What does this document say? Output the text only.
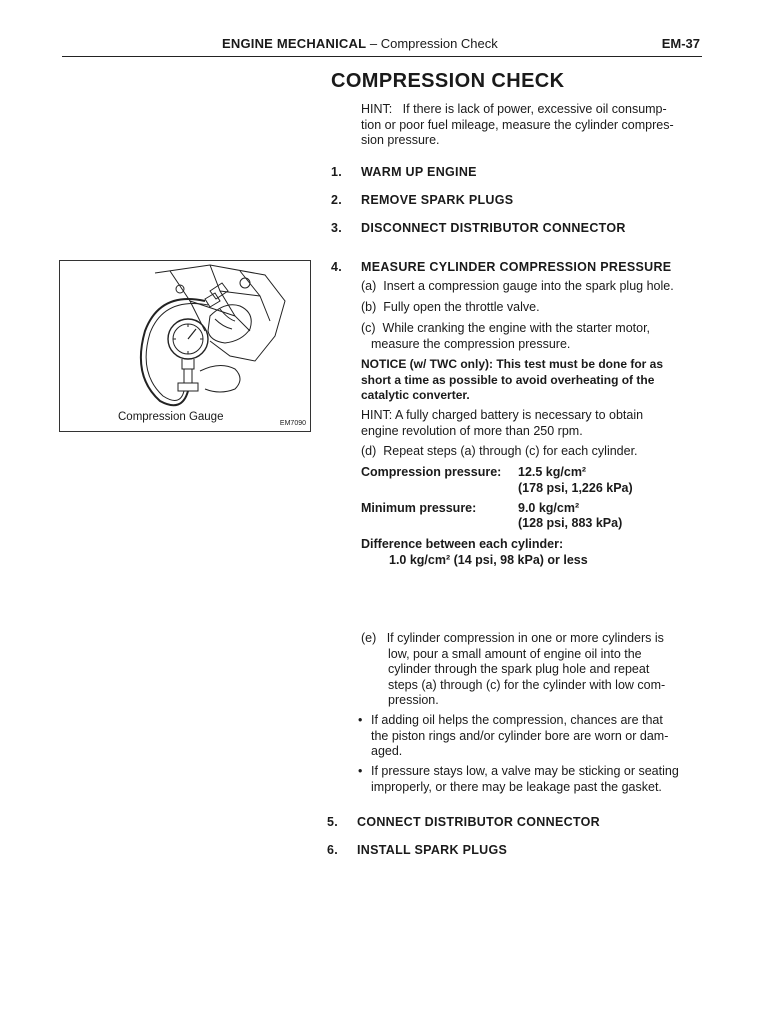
ENGINE MECHANICAL – Compression Check	EM-37
COMPRESSION CHECK
HINT: If there is lack of power, excessive oil consump-
tion or poor fuel mileage, measure the cylinder compres-
sion pressure.
1. WARM UP ENGINE
2. REMOVE SPARK PLUGS
3. DISCONNECT DISTRIBUTOR CONNECTOR
4. MEASURE CYLINDER COMPRESSION PRESSURE
Compression Gauge
EM7090
(a) Insert a compression gauge into the spark plug hole.
(b) Fully open the throttle valve.
(c) While cranking the engine with the starter motor,
measure the compression pressure.
NOTICE (w/ TWC only): This test must be done for as
short a time as possible to avoid overheating of the
catalytic converter.
HINT: A fully charged battery is necessary to obtain
engine revolution of more than 250 rpm.
(d) Repeat steps (a) through (c) for each cylinder.
Compression pressure: 12.5 kg/cm²
(178 psi, 1,226 kPa)
Minimum pressure:	9.0 kg/cm²
(128 psi, 883 kPa)
Difference between each cylinder:
1.0 kg/cm² (14 psi, 98 kPa) or less
(e) If cylinder compression in one or more cylinders is
low, pour a small amount of engine oil into the
cylinder through the spark plug hole and repeat
steps (a) through (c) for the cylinder with low com-
pression.
• If adding oil helps the compression, chances are that
the piston rings and/or cylinder bore are worn or dam-
aged.
• If pressure stays low, a valve may be sticking or seating
improperly, or there may be leakage past the gasket.
5. CONNECT DISTRIBUTOR CONNECTOR
6. INSTALL SPARK PLUGS
